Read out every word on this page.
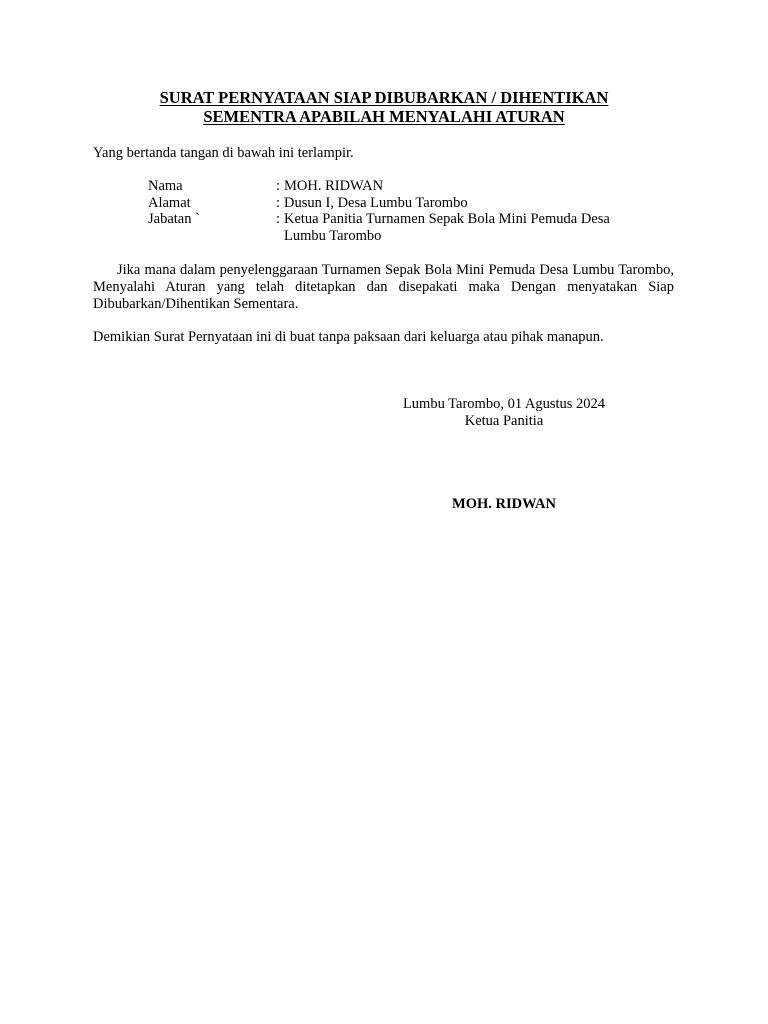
SURAT PERNYATAAN SIAP DIBUBARKAN / DIHENTIKAN
SEMENTRA APABILAH MENYALAHI ATURAN

Yang bertanda tangan di bawah ini terlampir.

Nama	: MOH. RIDWAN
Alamat	: Dusun I, Desa Lumbu Tarombo
Jabatan `	: Ketua Panitia Turnamen Sepak Bola Mini Pemuda Desa Lumbu Tarombo

Jika mana dalam penyelenggaraan Turnamen Sepak Bola Mini Pemuda Desa Lumbu Tarombo, Menyalahi Aturan yang telah ditetapkan dan disepakati maka Dengan menyatakan Siap Dibubarkan/Dihentikan Sementara.

Demikian Surat Pernyataan ini di buat tanpa paksaan dari keluarga atau pihak manapun.

Lumbu Tarombo, 01 Agustus 2024
Ketua Panitia
MOH. RIDWAN
